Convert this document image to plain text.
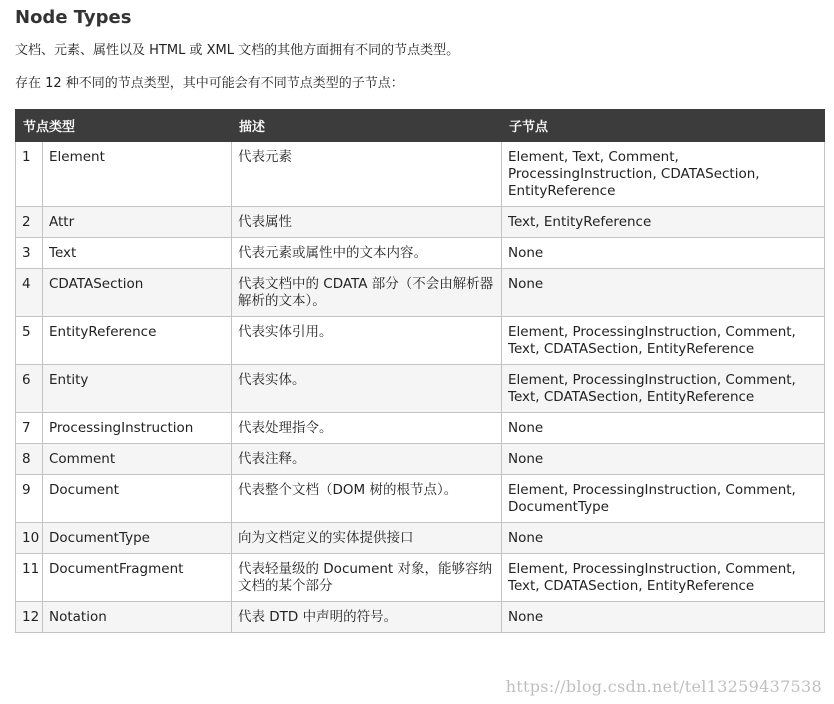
Node Types

文档、元素、属性以及 HTML 或 XML 文档的其他方面拥有不同的节点类型。

存在 12 种不同的节点类型，其中可能会有不同节点类型的子节点：

节点类型		描述	子节点

1	Element	代表元素	Element, Text, Comment, ProcessingInstruction, CDATASection, EntityReference
2	Attr	代表属性	Text, EntityReference
3	Text	代表元素或属性中的文本内容。	None
4	CDATASection	代表文档中的 CDATA 部分（不会由解析器解析的文本）。	None
5	EntityReference	代表实体引用。	Element, ProcessingInstruction, Comment, Text, CDATASection, EntityReference
6	Entity	代表实体。	Element, ProcessingInstruction, Comment, Text, CDATASection, EntityReference
7	ProcessingInstruction	代表处理指令。	None
8	Comment	代表注释。	None
9	Document	代表整个文档（DOM 树的根节点）。	Element, ProcessingInstruction, Comment, DocumentType
10	DocumentType	向为文档定义的实体提供接口	None
11	DocumentFragment	代表轻量级的 Document 对象，能够容纳文档的某个部分	Element, ProcessingInstruction, Comment, Text, CDATASection, EntityReference
12	Notation	代表 DTD 中声明的符号。	None
https://blog.csdn.net/tel13259437538
